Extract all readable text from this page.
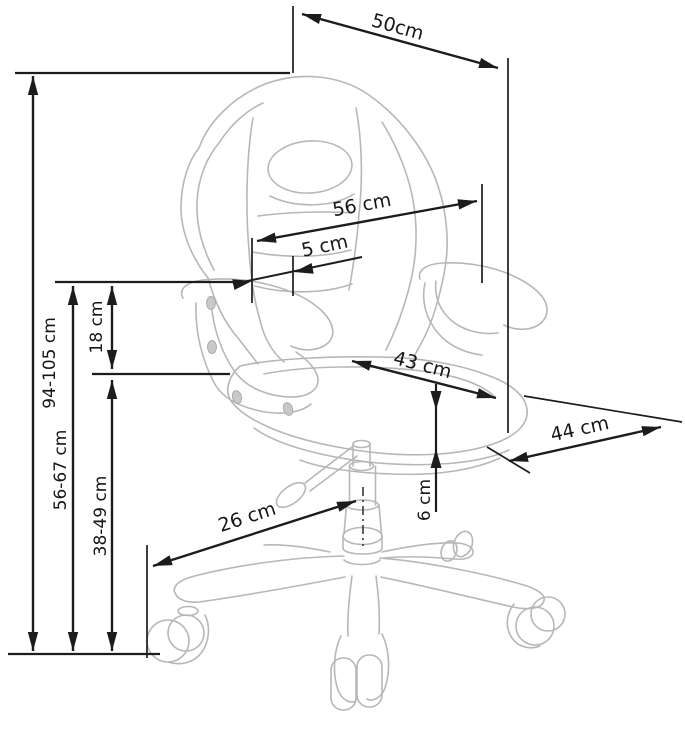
50cm
94-105 cm
56-67 cm
18 cm
38-49 cm
56 cm
5 cm
43 cm
6 cm
44 cm
26 cm
